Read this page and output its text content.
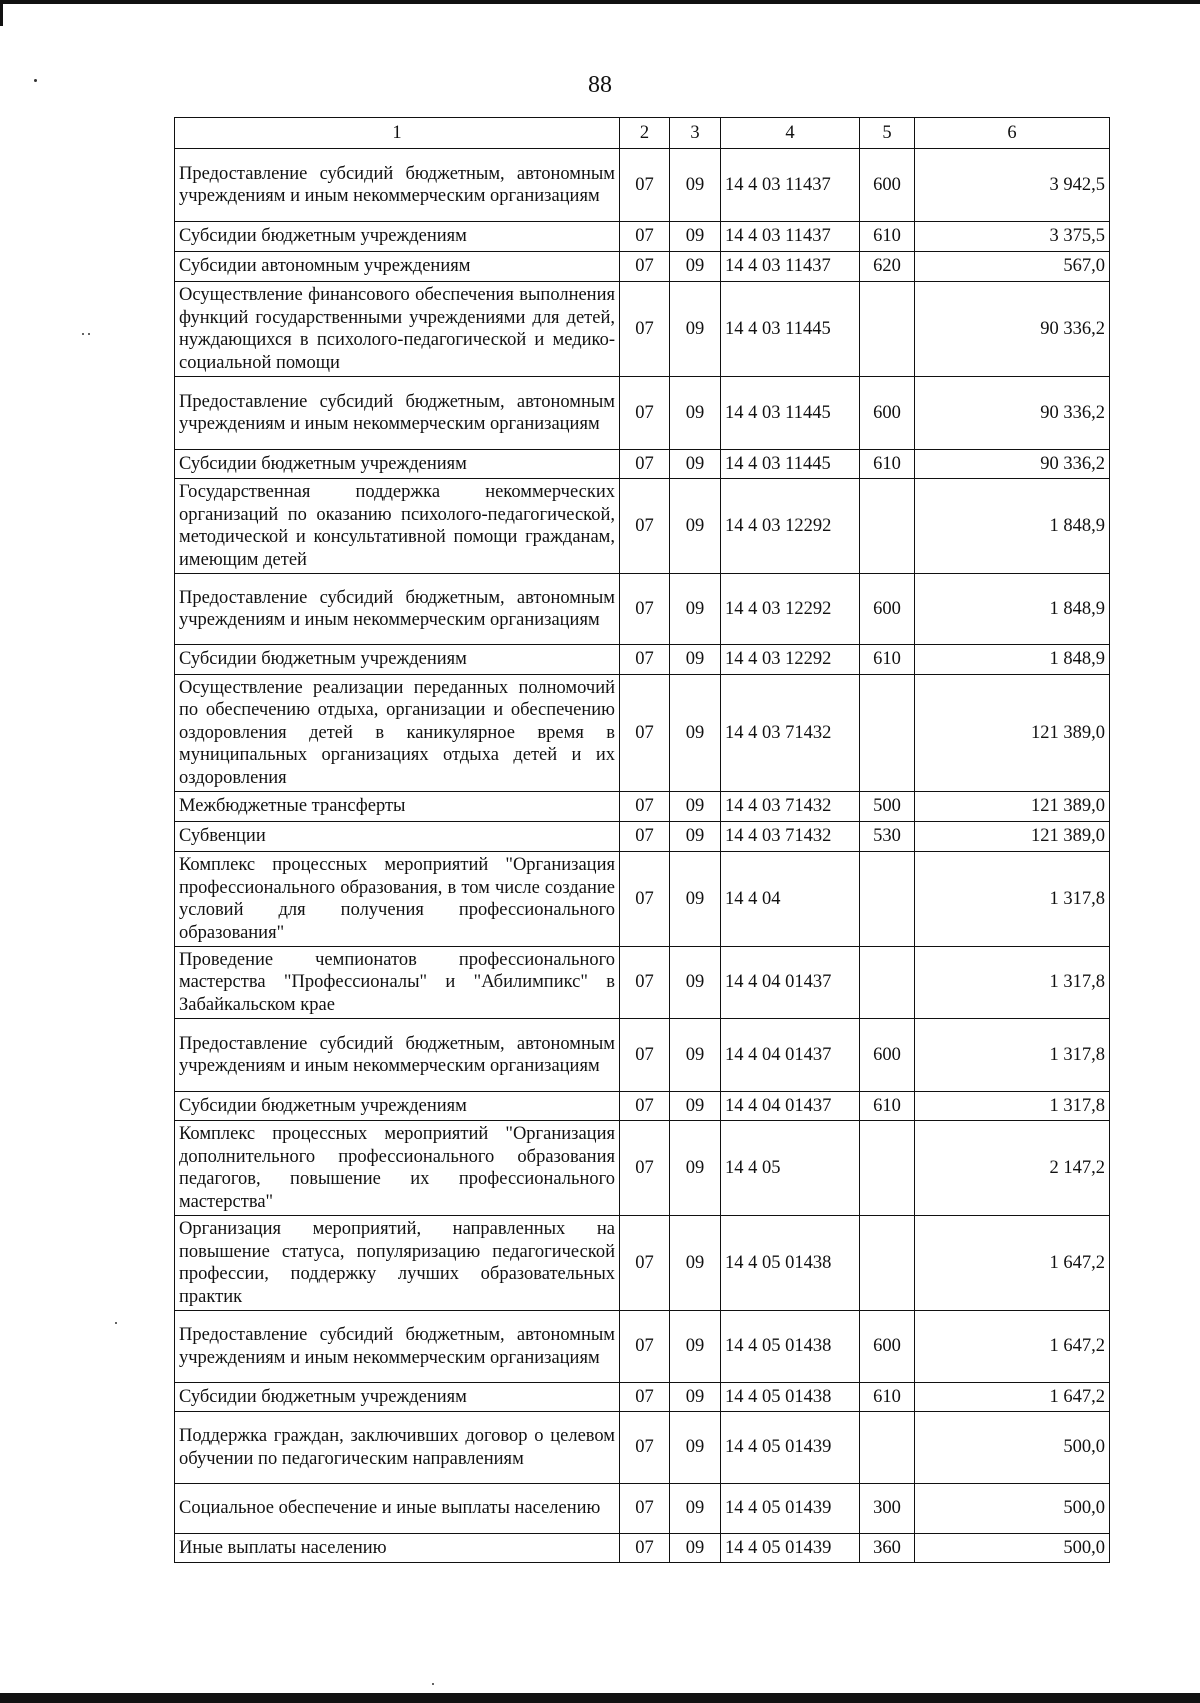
88
1	2	3	4	5	6
Предоставление субсидий бюджетным, автономным учреждениям и иным некоммерческим организациям	07	09	14 4 03 11437	600	3 942,5
Субсидии бюджетным учреждениям	07	09	14 4 03 11437	610	3 375,5
Субсидии автономным учреждениям	07	09	14 4 03 11437	620	567,0
Осуществление финансового обеспечения выполнения функций государственными учреждениями для детей, нуждающихся в психолого-педагогической и медико-социальной помощи	07	09	14 4 03 11445		90 336,2
Предоставление субсидий бюджетным, автономным учреждениям и иным некоммерческим организациям	07	09	14 4 03 11445	600	90 336,2
Субсидии бюджетным учреждениям	07	09	14 4 03 11445	610	90 336,2
Государственная поддержка некоммерческих организаций по оказанию психолого-педагогической, методической и консультативной помощи гражданам, имеющим детей	07	09	14 4 03 12292		1 848,9
Предоставление субсидий бюджетным, автономным учреждениям и иным некоммерческим организациям	07	09	14 4 03 12292	600	1 848,9
Субсидии бюджетным учреждениям	07	09	14 4 03 12292	610	1 848,9
Осуществление реализации переданных полномочий по обеспечению отдыха, организации и обеспечению оздоровления детей в каникулярное время в муниципальных организациях отдыха детей и их оздоровления	07	09	14 4 03 71432		121 389,0
Межбюджетные трансферты	07	09	14 4 03 71432	500	121 389,0
Субвенции	07	09	14 4 03 71432	530	121 389,0
Комплекс процессных мероприятий "Организация профессионального образования, в том числе создание условий для получения профессионального образования"	07	09	14 4 04		1 317,8
Проведение чемпионатов профессионального мастерства "Профессионалы" и "Абилимпикс" в Забайкальском крае	07	09	14 4 04 01437		1 317,8
Предоставление субсидий бюджетным, автономным учреждениям и иным некоммерческим организациям	07	09	14 4 04 01437	600	1 317,8
Субсидии бюджетным учреждениям	07	09	14 4 04 01437	610	1 317,8
Комплекс процессных мероприятий "Организация дополнительного профессионального образования педагогов, повышение их профессионального мастерства"	07	09	14 4 05		2 147,2
Организация мероприятий, направленных на повышение статуса, популяризацию педагогической профессии, поддержку лучших образовательных практик	07	09	14 4 05 01438		1 647,2
Предоставление субсидий бюджетным, автономным учреждениям и иным некоммерческим организациям	07	09	14 4 05 01438	600	1 647,2
Субсидии бюджетным учреждениям	07	09	14 4 05 01438	610	1 647,2
Поддержка граждан, заключивших договор о целевом обучении по педагогическим направлениям	07	09	14 4 05 01439		500,0
Социальное обеспечение и иные выплаты населению	07	09	14 4 05 01439	300	500,0
Иные выплаты населению	07	09	14 4 05 01439	360	500,0
